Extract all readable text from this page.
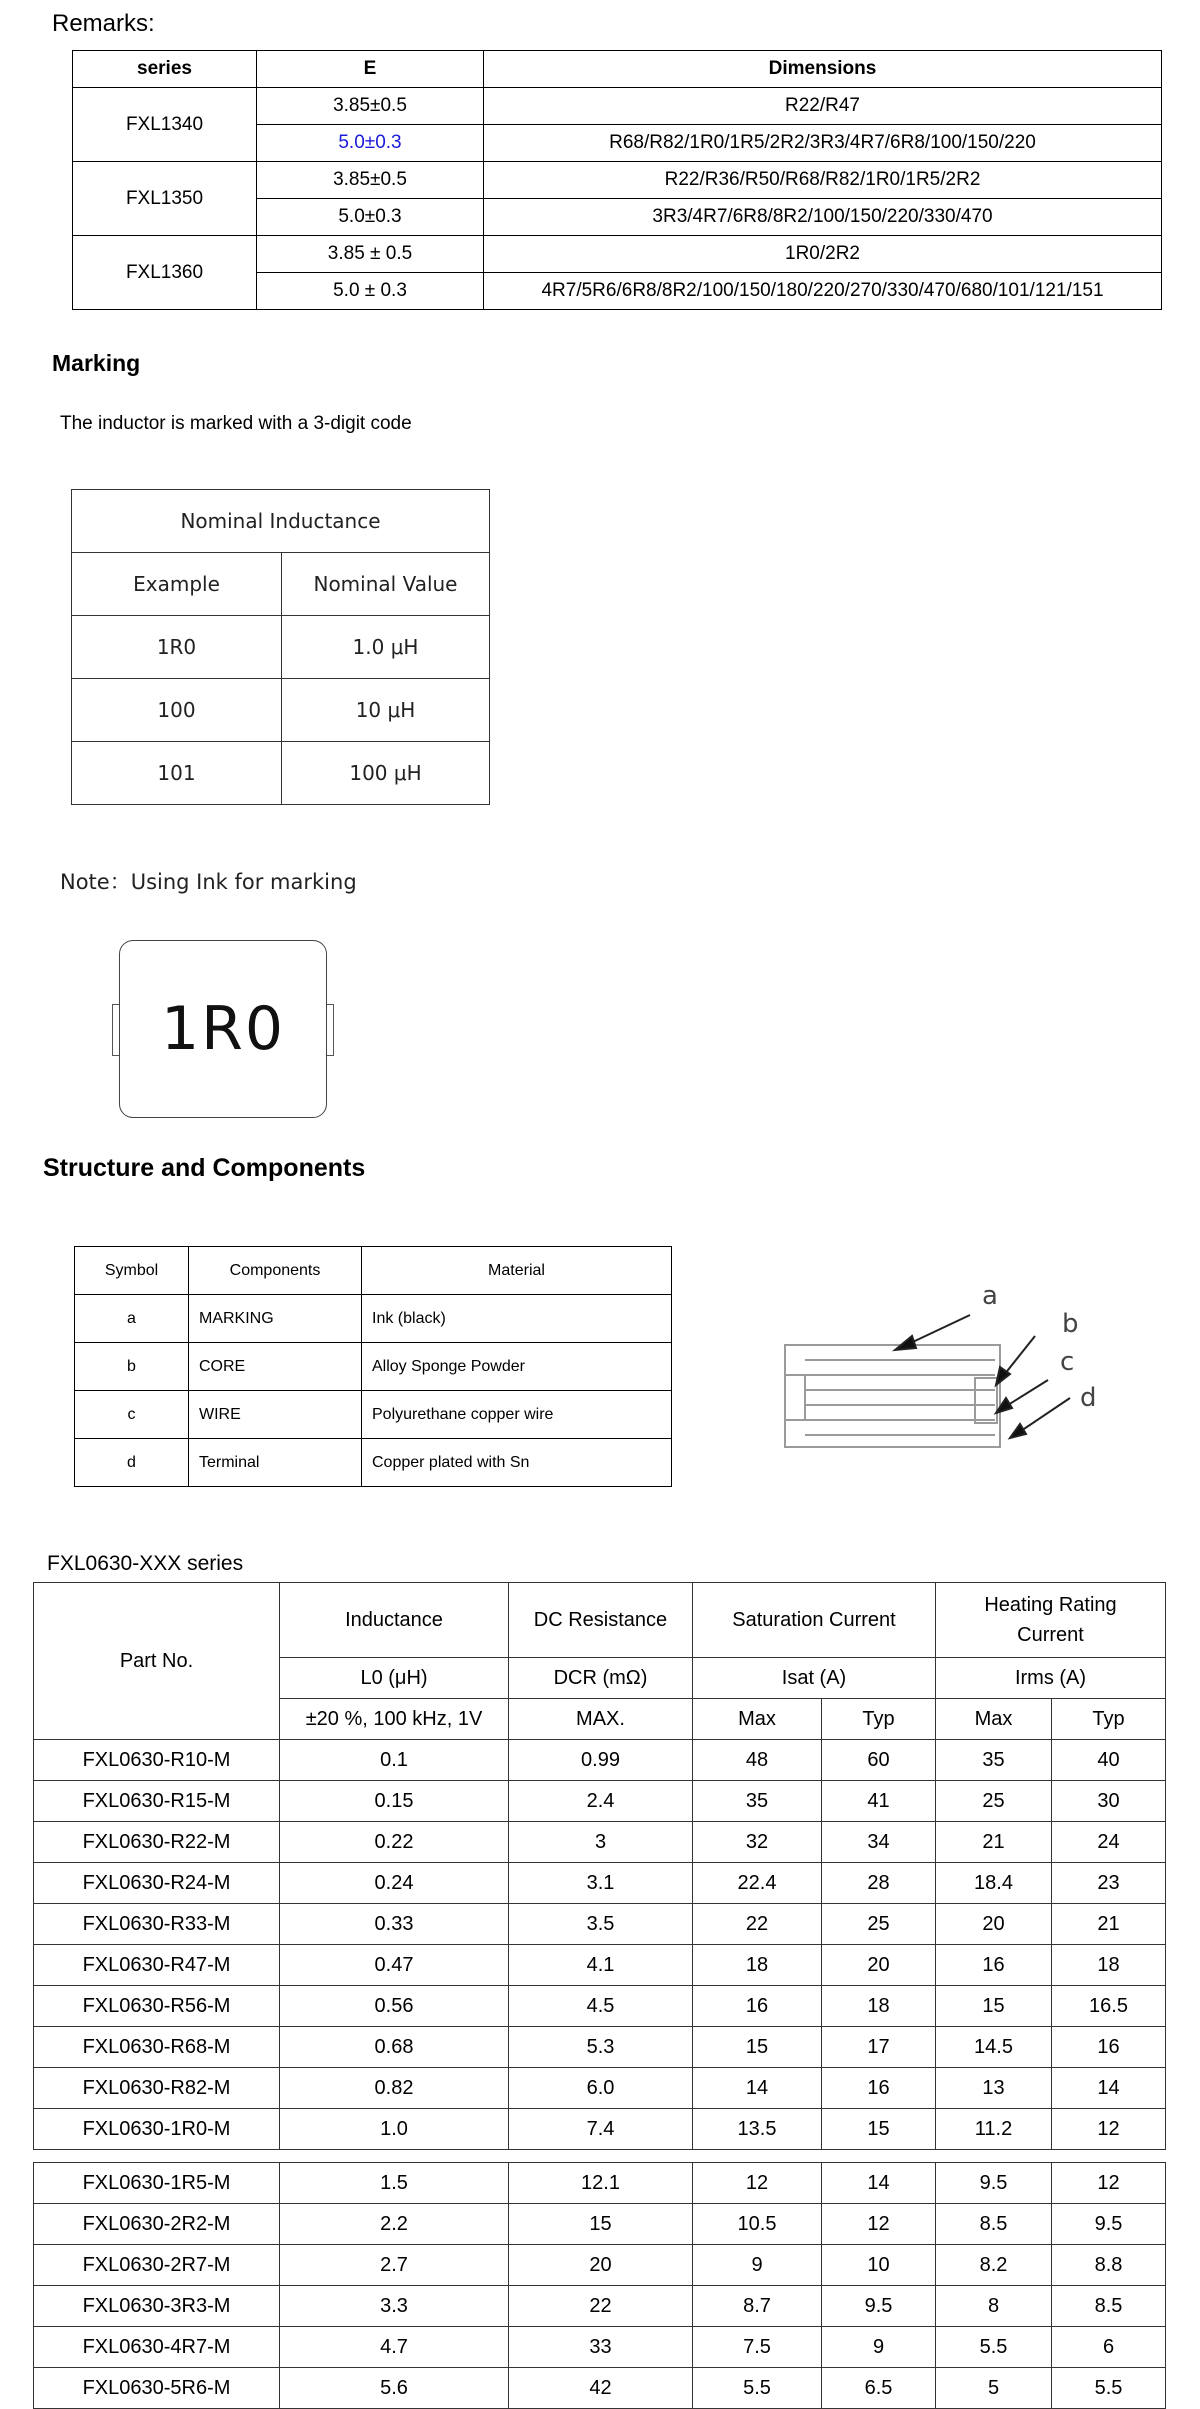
Remarks:
series	E	Dimensions
FXL1340	3.85±0.5	R22/R47
	5.0±0.3	R68/R82/1R0/1R5/2R2/3R3/4R7/6R8/100/150/220
FXL1350	3.85±0.5	R22/R36/R50/R68/R82/1R0/1R5/2R2
	5.0±0.3	3R3/4R7/6R8/8R2/100/150/220/330/470
FXL1360	3.85 ± 0.5	1R0/2R2
	5.0 ± 0.3	4R7/5R6/6R8/8R2/100/150/180/220/270/330/470/680/101/121/151
Marking
The inductor is marked with a 3-digit code
Nominal Inductance	
Example	Nominal Value
1R0	1.0 μH
100	10 μH
101	100 μH
Note：Using Ink for marking
1R0
Structure and Components
Symbol	Components	Material
a	MARKING	Ink (black)
b	CORE	Alloy Sponge Powder
c	WIRE	Polyurethane copper wire
d	Terminal	Copper plated with Sn
a
b
c
d
FXL0630-XXX series
Part No.	Inductance	DC Resistance	Saturation Current		Heating Rating Current	
	L0 (μH)	DCR (mΩ)	Isat (A)		Irms (A)	
	±20 %, 100 kHz, 1V	MAX.	Max	Typ	Max	Typ
FXL0630-R10-M	0.1	0.99	48	60	35	40
FXL0630-R15-M	0.15	2.4	35	41	25	30
FXL0630-R22-M	0.22	3	32	34	21	24
FXL0630-R24-M	0.24	3.1	22.4	28	18.4	23
FXL0630-R33-M	0.33	3.5	22	25	20	21
FXL0630-R47-M	0.47	4.1	18	20	16	18
FXL0630-R56-M	0.56	4.5	16	18	15	16.5
FXL0630-R68-M	0.68	5.3	15	17	14.5	16
FXL0630-R82-M	0.82	6.0	14	16	13	14
FXL0630-1R0-M	1.0	7.4	13.5	15	11.2	12

FXL0630-1R5-M	1.5	12.1	12	14	9.5	12
FXL0630-2R2-M	2.2	15	10.5	12	8.5	9.5
FXL0630-2R7-M	2.7	20	9	10	8.2	8.8
FXL0630-3R3-M	3.3	22	8.7	9.5	8	8.5
FXL0630-4R7-M	4.7	33	7.5	9	5.5	6
FXL0630-5R6-M	5.6	42	5.5	6.5	5	5.5
